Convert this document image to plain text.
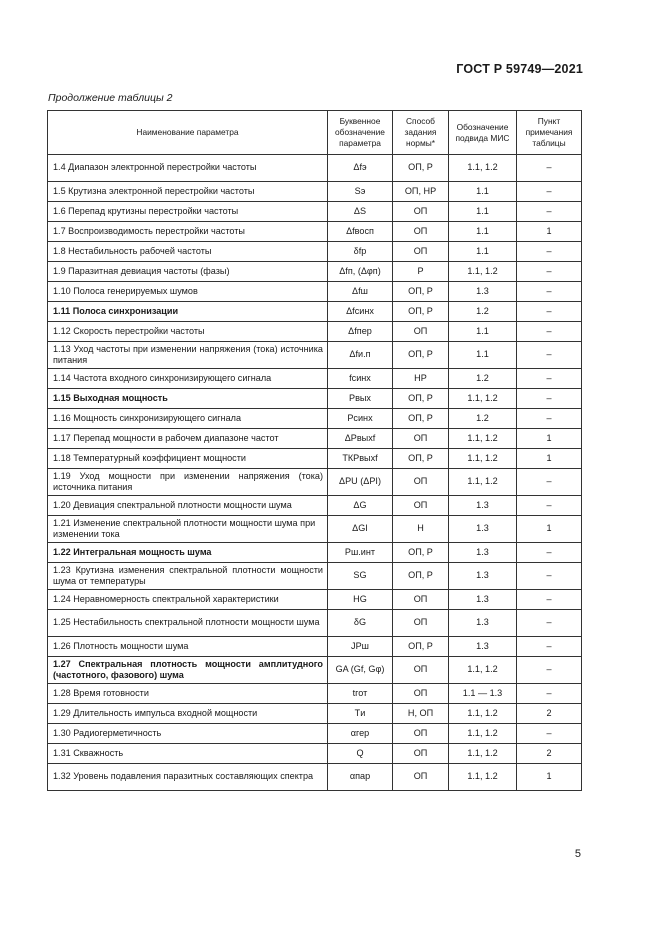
ГОСТ Р 59749—2021
Продолжение таблицы 2
Наименование параметра	Буквенное обозначение параметра	Способ задания нормы*	Обозначение подвида МИС	Пункт примечания таблицы
1.4 Диапазон электронной перестройки частоты	Δfэ	ОП, Р	1.1, 1.2	–
1.5 Крутизна электронной перестройки частоты	Sэ	ОП, НР	1.1	–
1.6 Перепад крутизны перестройки частоты	ΔS	ОП	1.1	–
1.7 Воспроизводимость перестройки частоты	Δfвосп	ОП	1.1	1
1.8 Нестабильность рабочей частоты	δfр	ОП	1.1	–
1.9 Паразитная девиация частоты (фазы)	Δfп, (Δφп)	Р	1.1, 1.2	–
1.10 Полоса генерируемых шумов	Δfш	ОП, Р	1.3	–
1.11 Полоса синхронизации	Δfсинх	ОП, Р	1.2	–
1.12 Скорость перестройки частоты	Δfпер	ОП	1.1	–
1.13 Уход частоты при изменении напряжения (тока) источника питания	Δfи.п	ОП, Р	1.1	–
1.14 Частота входного синхронизирующего сигнала	fсинх	НР	1.2	–
1.15 Выходная мощность	Pвых	ОП, Р	1.1, 1.2	–
1.16 Мощность синхронизирующего сигнала	Pсинх	ОП, Р	1.2	–
1.17 Перепад мощности в рабочем диапазоне частот	ΔPвыхf	ОП	1.1, 1.2	1
1.18 Температурный коэффициент мощности	ТКPвыхf	ОП, Р	1.1, 1.2	1
1.19 Уход мощности при изменении напряжения (тока) источника питания	ΔPU (ΔPI)	ОП	1.1, 1.2	–
1.20 Девиация спектральной плотности мощности шума	ΔG	ОП	1.3	–
1.21 Изменение спектральной плотности мощности шума при изменении тока	ΔGI	Н	1.3	1
1.22 Интегральная мощность шума	Pш.инт	ОП, Р	1.3	–
1.23 Крутизна изменения спектральной плотности мощности шума от температуры	SG	ОП, Р	1.3	–
1.24 Неравномерность спектральной характеристики	HG	ОП	1.3	–
1.25 Нестабильность спектральной плотности мощности шума	δG	ОП	1.3	–
1.26 Плотность мощности шума	JPш	ОП, Р	1.3	–
1.27 Спектральная плотность мощности амплитудного (частотного, фазового) шума	GA (Gf, Gφ)	ОП	1.1, 1.2	–
1.28 Время готовности	tгот	ОП	1.1 — 1.3	–
1.29 Длительность импульса входной мощности	Tи	Н, ОП	1.1, 1.2	2
1.30 Радиогерметичность	αгер	ОП	1.1, 1.2	–
1.31 Скважность	Q	ОП	1.1, 1.2	2
1.32 Уровень подавления паразитных составляющих спектра	αпар	ОП	1.1, 1.2	1
5
